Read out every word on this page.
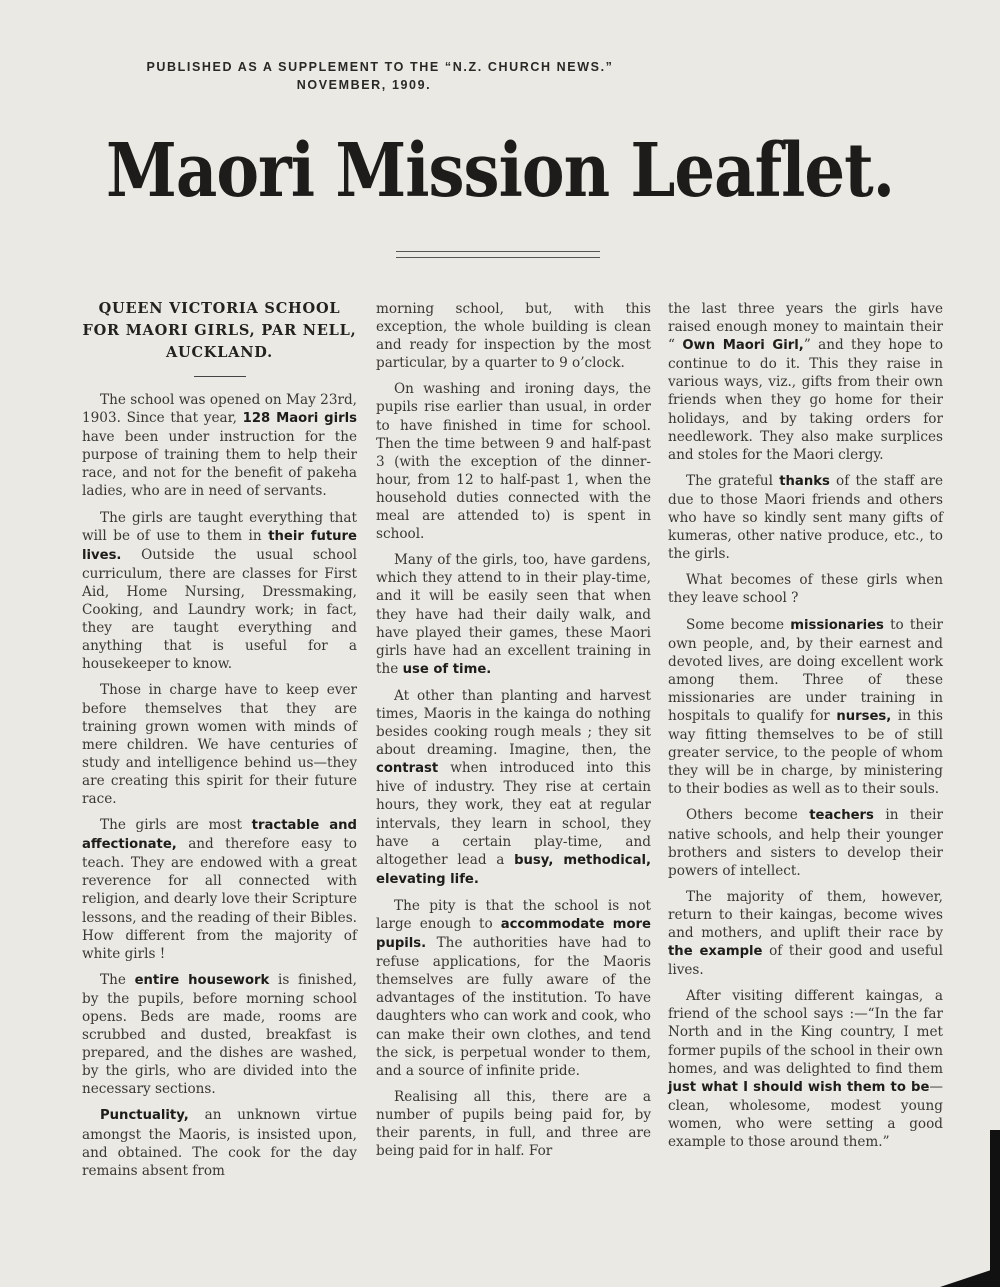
PUBLISHED AS A SUPPLEMENT TO THE “N.Z. CHURCH NEWS.”
NOVEMBER, 1909.
Maori Mission Leaflet.
QUEEN VICTORIA SCHOOL FOR MAORI GIRLS, PAR NELL, AUCKLAND.

The school was opened on May 23rd, 1903. Since that year, 128 Maori girls have been under instruction for the purpose of training them to help their race, and not for the benefit of pakeha ladies, who are in need of servants.

The girls are taught everything that will be of use to them in their future lives. Outside the usual school curriculum, there are classes for First Aid, Home Nursing, Dressmaking, Cooking, and Laundry work; in fact, they are taught everything and anything that is useful for a housekeeper to know.

Those in charge have to keep ever before themselves that they are training grown women with minds of mere children. We have centuries of study and intelligence behind us—they are creating this spirit for their future race.

The girls are most tractable and affectionate, and therefore easy to teach. They are endowed with a great reverence for all connected with religion, and dearly love their Scripture lessons, and the reading of their Bibles. How different from the majority of white girls !

The entire housework is finished, by the pupils, before morning school opens. Beds are made, rooms are scrubbed and dusted, breakfast is prepared, and the dishes are washed, by the girls, who are divided into the necessary sections.

Punctuality, an unknown virtue amongst the Maoris, is insisted upon, and obtained. The cook for the day remains absent from

morning school, but, with this exception, the whole building is clean and ready for inspection by the most particular, by a quarter to 9 o’clock.

On washing and ironing days, the pupils rise earlier than usual, in order to have finished in time for school. Then the time between 9 and half-past 3 (with the exception of the dinner-hour, from 12 to half-past 1, when the household duties connected with the meal are attended to) is spent in school.

Many of the girls, too, have gardens, which they attend to in their play-time, and it will be easily seen that when they have had their daily walk, and have played their games, these Maori girls have had an excellent training in the use of time.

At other than planting and harvest times, Maoris in the kainga do nothing besides cooking rough meals ; they sit about dreaming. Imagine, then, the contrast when introduced into this hive of industry. They rise at certain hours, they work, they eat at regular intervals, they learn in school, they have a certain play-time, and altogether lead a busy, methodical, elevating life.

The pity is that the school is not large enough to accommodate more pupils. The authorities have had to refuse applications, for the Maoris themselves are fully aware of the advantages of the institution. To have daughters who can work and cook, who can make their own clothes, and tend the sick, is perpetual wonder to them, and a source of infinite pride.

Realising all this, there are a number of pupils being paid for, by their parents, in full, and three are being paid for in half. For

the last three years the girls have raised enough money to maintain their “ Own Maori Girl,” and they hope to continue to do it. This they raise in various ways, viz., gifts from their own friends when they go home for their holidays, and by taking orders for needlework. They also make surplices and stoles for the Maori clergy.

The grateful thanks of the staff are due to those Maori friends and others who have so kindly sent many gifts of kumeras, other native produce, etc., to the girls.

What becomes of these girls when they leave school ?

Some become missionaries to their own people, and, by their earnest and devoted lives, are doing excellent work among them. Three of these missionaries are under training in hospitals to qualify for nurses, in this way fitting themselves to be of still greater service, to the people of whom they will be in charge, by ministering to their bodies as well as to their souls.

Others become teachers in their native schools, and help their younger brothers and sisters to develop their powers of intellect.

The majority of them, however, return to their kaingas, become wives and mothers, and uplift their race by the example of their good and useful lives.

After visiting different kaingas, a friend of the school says :—“In the far North and in the King country, I met former pupils of the school in their own homes, and was delighted to find them just what I should wish them to be—clean, wholesome, modest young women, who were setting a good example to those around them.”
